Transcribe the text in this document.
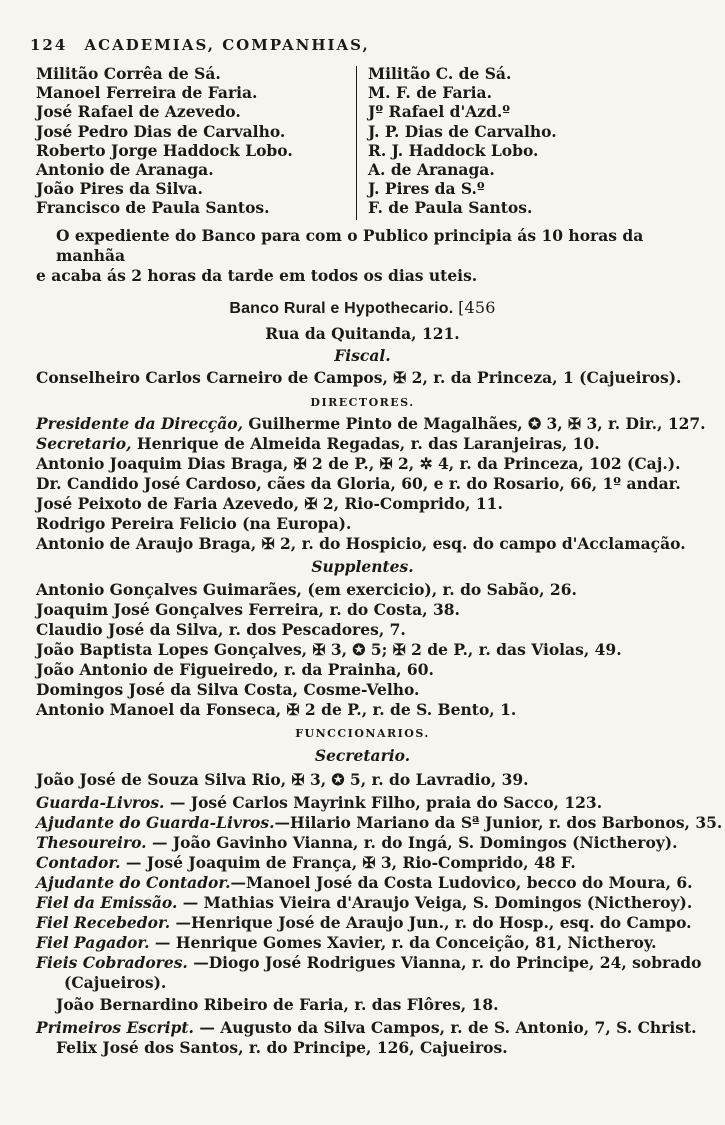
124 ACADEMIAS, COMPANHIAS,
Militão Corrêa de Sá.
Manoel Ferreira de Faria.
José Rafael de Azevedo.
José Pedro Dias de Carvalho.
Roberto Jorge Haddock Lobo.
Antonio de Aranaga.
João Pires da Silva.
Francisco de Paula Santos.
Militão C. de Sá.
M. F. de Faria.
Jº Rafael d'Azd.º
J. P. Dias de Carvalho.
R. J. Haddock Lobo.
A. de Aranaga.
J. Pires da S.º
F. de Paula Santos.
O expediente do Banco para com o Publico principia ás 10 horas da manhãa
e acaba ás 2 horas da tarde em todos os dias uteis.
Banco Rural e Hypothecario. [456
Rua da Quitanda, 121.
Fiscal.
Conselheiro Carlos Carneiro de Campos, ✠ 2, r. da Princeza, 1 (Cajueiros).
DIRECTORES.
Presidente da Direcção, Guilherme Pinto de Magalhães, ✪ 3, ✠ 3, r. Dir., 127.
Secretario, Henrique de Almeida Regadas, r. das Laranjeiras, 10.
Antonio Joaquim Dias Braga, ✠ 2 de P., ✠ 2, ✲ 4, r. da Princeza, 102 (Caj.).
Dr. Candido José Cardoso, cães da Gloria, 60, e r. do Rosario, 66, 1º andar.
José Peixoto de Faria Azevedo, ✠ 2, Rio-Comprido, 11.
Rodrigo Pereira Felicio (na Europa).
Antonio de Araujo Braga, ✠ 2, r. do Hospicio, esq. do campo d'Acclamação.
Supplentes.
Antonio Gonçalves Guimarães, (em exercicio), r. do Sabão, 26.
Joaquim José Gonçalves Ferreira, r. do Costa, 38.
Claudio José da Silva, r. dos Pescadores, 7.
João Baptista Lopes Gonçalves, ✠ 3, ✪ 5; ✠ 2 de P., r. das Violas, 49.
João Antonio de Figueiredo, r. da Prainha, 60.
Domingos José da Silva Costa, Cosme-Velho.
Antonio Manoel da Fonseca, ✠ 2 de P., r. de S. Bento, 1.
FUNCCIONARIOS.
Secretario.
João José de Souza Silva Rio, ✠ 3, ✪ 5, r. do Lavradio, 39.
Guarda-Livros. — José Carlos Mayrink Filho, praia do Sacco, 123.
Ajudante do Guarda-Livros.—Hilario Mariano da Sª Junior, r. dos Barbonos, 35.
Thesoureiro. — João Gavinho Vianna, r. do Ingá, S. Domingos (Nictheroy).
Contador. — José Joaquim de França, ✠ 3, Rio-Comprido, 48 F.
Ajudante do Contador.—Manoel José da Costa Ludovico, becco do Moura, 6.
Fiel da Emissão. — Mathias Vieira d'Araujo Veiga, S. Domingos (Nictheroy).
Fiel Recebedor. —Henrique José de Araujo Jun., r. do Hosp., esq. do Campo.
Fiel Pagador. — Henrique Gomes Xavier, r. da Conceição, 81, Nictheroy.
Fieis Cobradores. —Diogo José Rodrigues Vianna, r. do Principe, 24, sobrado
(Cajueiros).
João Bernardino Ribeiro de Faria, r. das Flôres, 18.
Primeiros Escript. — Augusto da Silva Campos, r. de S. Antonio, 7, S. Christ.
Felix José dos Santos, r. do Principe, 126, Cajueiros.
